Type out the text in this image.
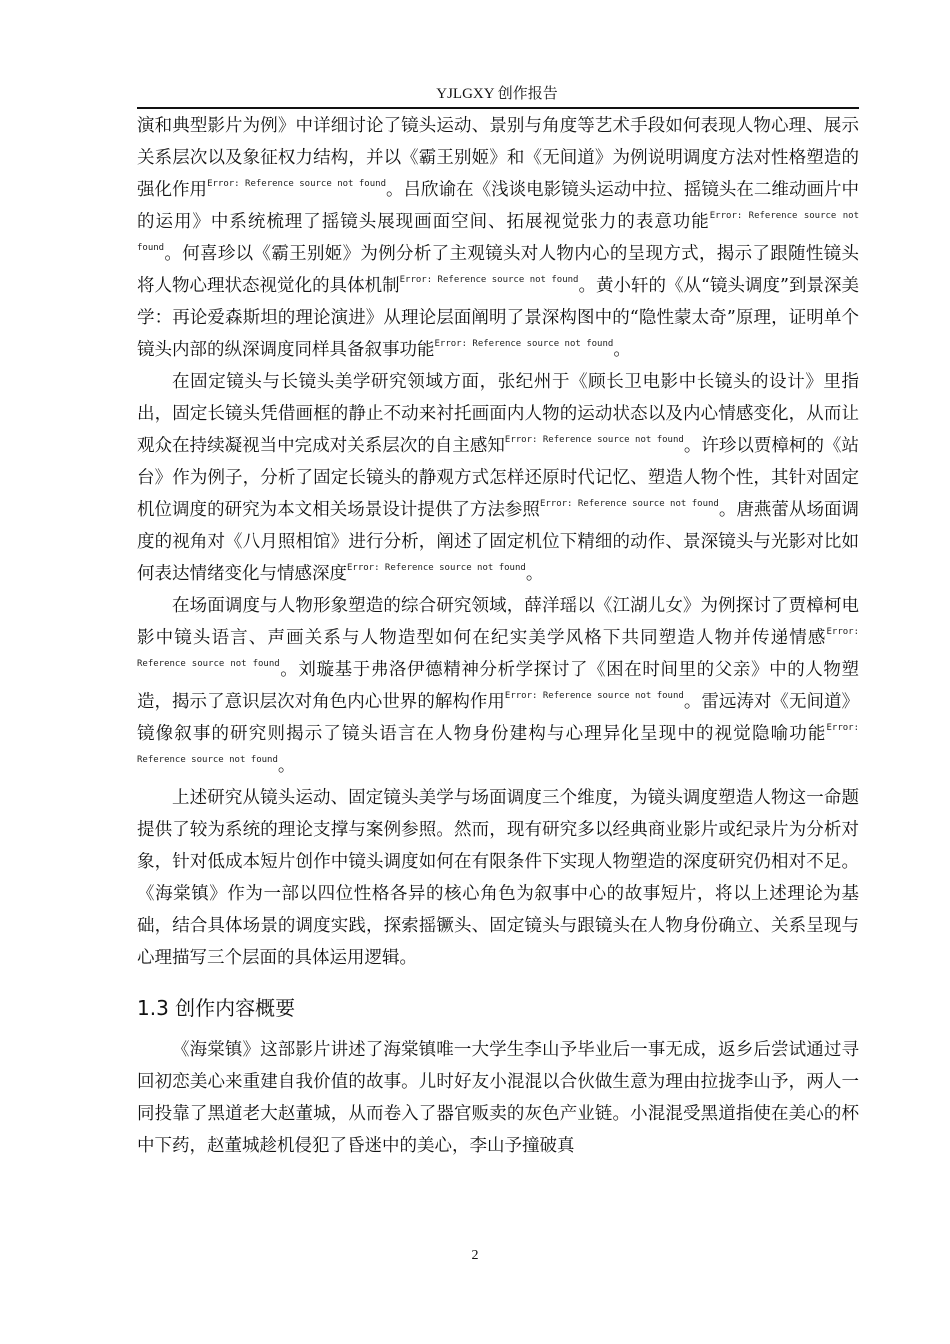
YJLGXY 创作报告

演和典型影片为例》中详细讨论了镜头运动、景别与角度等艺术手段如何表现人物心理、展示关系层次以及象征权力结构，并以《霸王别姬》和《无间道》为例说明调度方法对性格塑造的强化作用$^{Error: Reference source not found}$。吕欣谕在《浅谈电影镜头运动中拉、摇镜头在二维动画片中的运用》中系统梳理了摇镜头展现画面空间、拓展视觉张力的表意功能$^{Error: Reference source not found}$。何喜珍以《霸王别姬》为例分析了主观镜头对人物内心的呈现方式，揭示了跟随性镜头将人物心理状态视觉化的具体机制$^{Error: Reference source not found}$。黄小轩的《从“镜头调度”到景深美学：再论爱森斯坦的理论演进》从理论层面阐明了景深构图中的“隐性蒙太奇”原理，证明单个镜头内部的纵深调度同样具备叙事功能$^{Error: Reference source not found}$。

在固定镜头与长镜头美学研究领域方面，张纪州于《顾长卫电影中长镜头的设计》里指出，固定长镜头凭借画框的静止不动来衬托画面内人物的运动状态以及内心情感变化，从而让观众在持续凝视当中完成对关系层次的自主感知$^{Error: Reference source not found}$。许珍以贾樟柯的《站台》作为例子，分析了固定长镜头的静观方式怎样还原时代记忆、塑造人物个性，其针对固定机位调度的研究为本文相关场景设计提供了方法参照$^{Error: Reference source not found}$。唐燕蕾从场面调度的视角对《八月照相馆》进行分析，阐述了固定机位下精细的动作、景深镜头与光影对比如何表达情绪变化与情感深度$^{Error: Reference source not found}$。

在场面调度与人物形象塑造的综合研究领域，薛洋瑶以《江湖儿女》为例探讨了贾樟柯电影中镜头语言、声画关系与人物造型如何在纪实美学风格下共同塑造人物并传递情感$^{Error: Reference source not found}$。刘璇基于弗洛伊德精神分析学探讨了《困在时间里的父亲》中的人物塑造，揭示了意识层次对角色内心世界的解构作用$^{Error: Reference source not found}$。雷远涛对《无间道》镜像叙事的研究则揭示了镜头语言在人物身份建构与心理异化呈现中的视觉隐喻功能$^{Error: Reference source not found}$。

上述研究从镜头运动、固定镜头美学与场面调度三个维度，为镜头调度塑造人物这一命题提供了较为系统的理论支撑与案例参照。然而，现有研究多以经典商业影片或纪录片为分析对象，针对低成本短片创作中镜头调度如何在有限条件下实现人物塑造的深度研究仍相对不足。《海棠镇》作为一部以四位性格各异的核心角色为叙事中心的故事短片，将以上述理论为基础，结合具体场景的调度实践，探索摇镢头、固定镜头与跟镜头在人物身份确立、关系呈现与心理描写三个层面的具体运用逻辑。

1.3 创作内容概要

《海棠镇》这部影片讲述了海棠镇唯一大学生李山予毕业后一事无成，返乡后尝试通过寻回初恋美心来重建自我价值的故事。儿时好友小混混以合伙做生意为理由拉拢李山予，两人一同投靠了黑道老大赵董城，从而卷入了器官贩卖的灰色产业链。小混混受黑道指使在美心的杯中下药，赵董城趁机侵犯了昏迷中的美心，李山予撞破真

2
